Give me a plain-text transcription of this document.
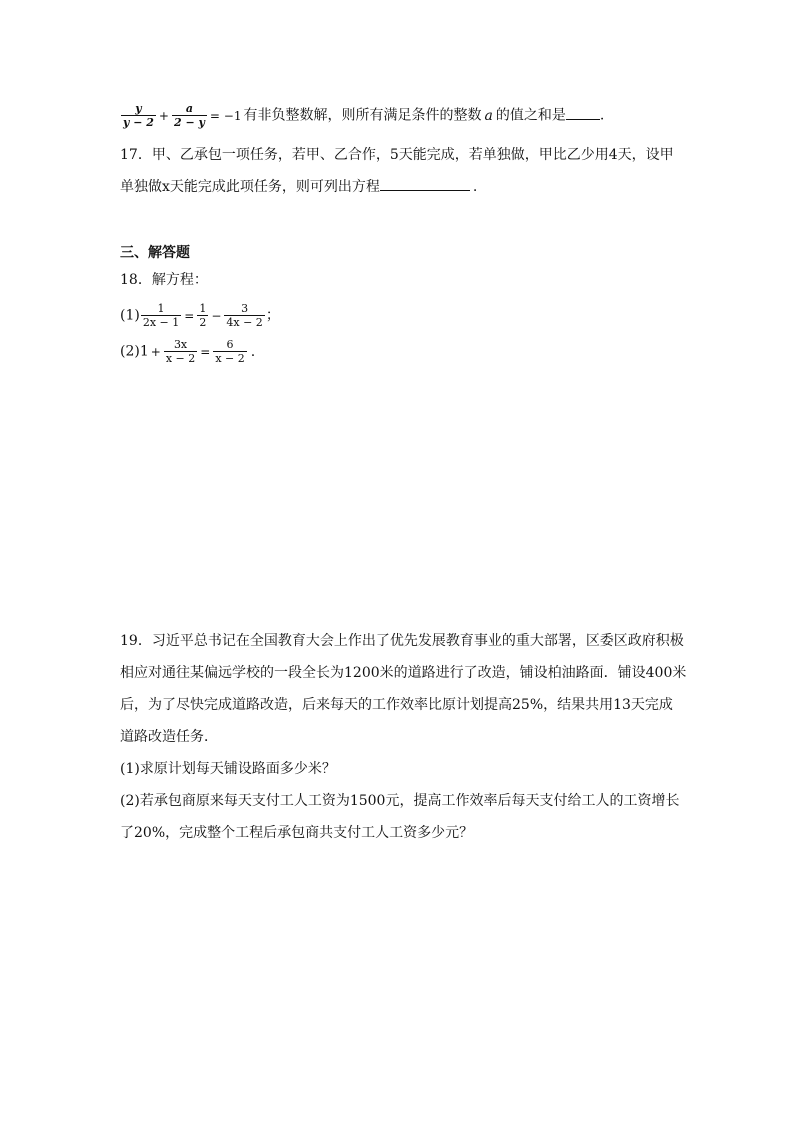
$\frac{y}{y - 2} + \frac{a}{2 - y} = -1$ 有非负整数解，则所有满足条件的整数 a 的值之和是 .
17．甲、乙承包一项任务，若甲、乙合作，5天能完成，若单独做，甲比乙少用4天，设甲
单独做x天能完成此项任务，则可列出方程	.
三、解答题
18．解方程：
$(1) \frac{1}{2x - 1} = \frac{1}{2} - \frac{3}{4x - 2}$ ；
$(2)1 + \frac{3x}{x - 2} = \frac{6}{x - 2}$ .
19．习近平总书记在全国教育大会上作出了优先发展教育事业的重大部署，区委区政府积极
相应对通往某偏远学校的一段全长为1200米的道路进行了改造，铺设柏油路面．铺设400米
后，为了尽快完成道路改造，后来每天的工作效率比原计划提高25%，结果共用13天完成
道路改造任务．
(1)求原计划每天铺设路面多少米？
(2)若承包商原来每天支付工人工资为1500元，提高工作效率后每天支付给工人的工资增长
了20%，完成整个工程后承包商共支付工人工资多少元？
